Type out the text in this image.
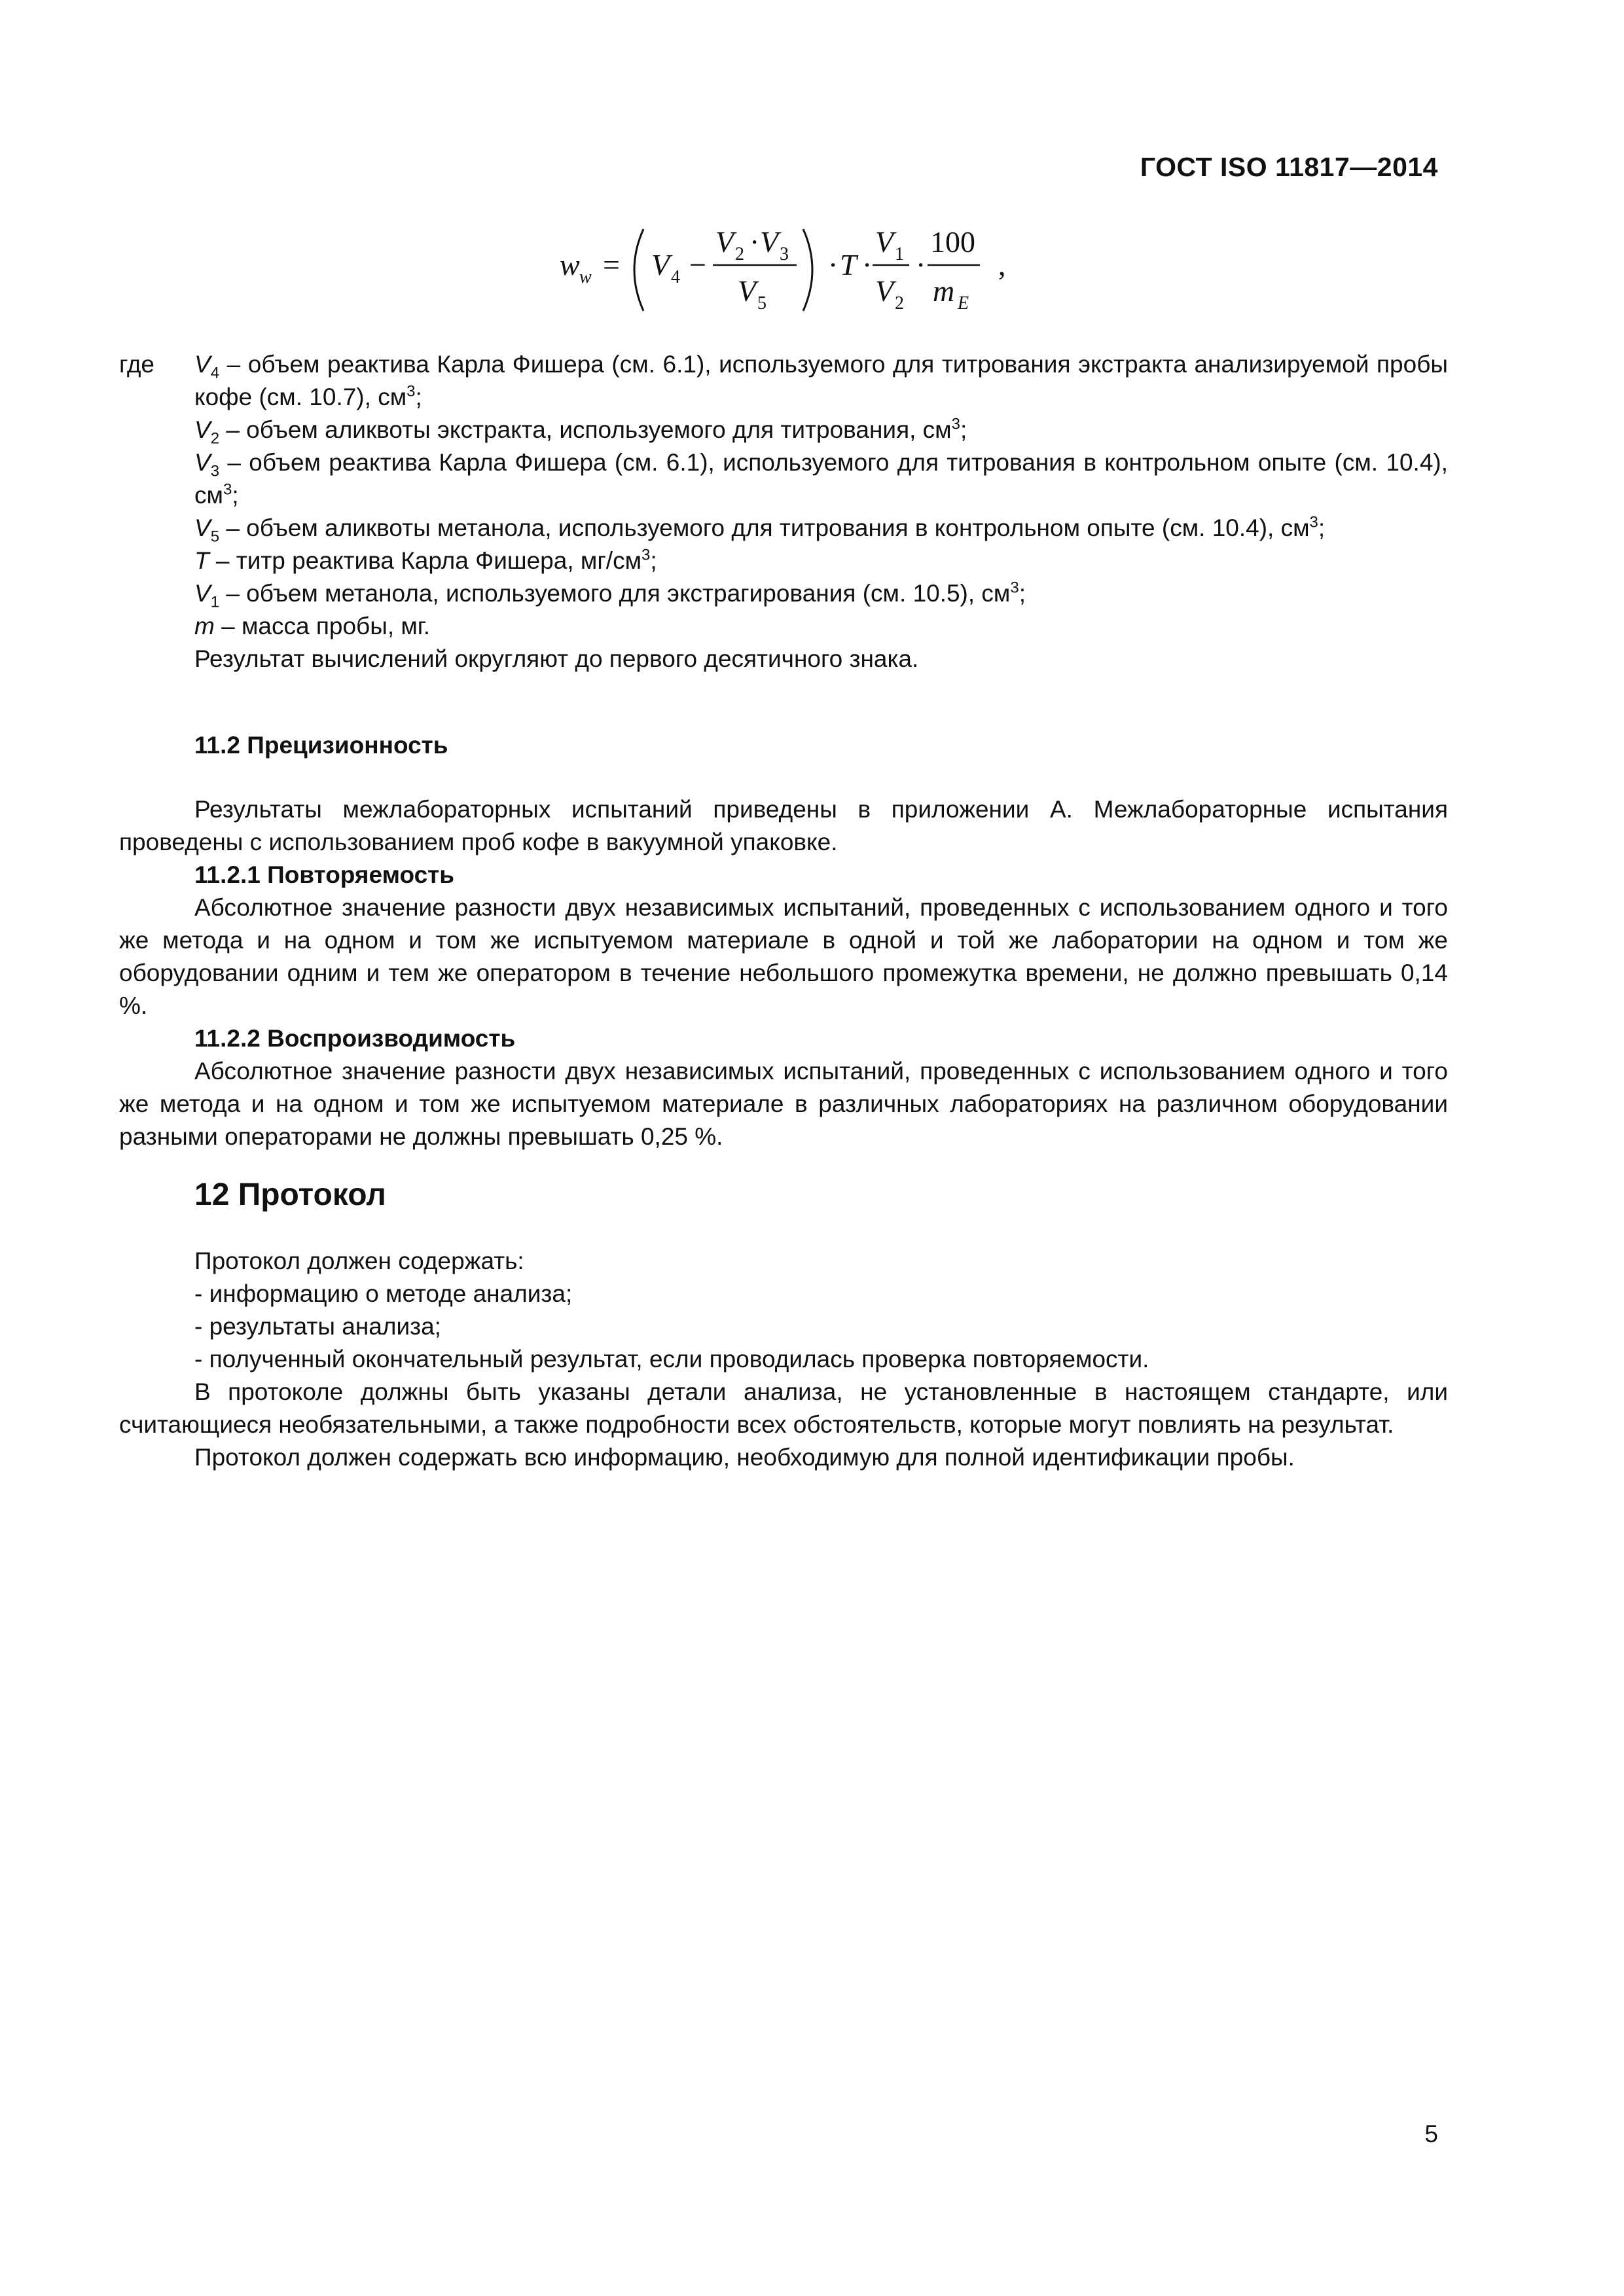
ГОСТ ISO 11817—2014
w w = V 4 −
V 2 · V 3
V 5
· T ·
V 1
V 2
·
100
m E
,
где $V_4$ – объем реактива Карла Фишера (см. 6.1), используемого для титрования экстракта анализируемой пробы кофе (см. 10.7), $см^3$;

$V_2$ – объем аликвоты экстракта, используемого для титрования, $см^3$;

$V_3$ – объем реактива Карла Фишера (см. 6.1), используемого для титрования в контрольном опыте (см. 10.4), $см^3$;

$V_5$ – объем аликвоты метанола, используемого для титрования в контрольном опыте (см. 10.4), $см^3$;

T – титр реактива Карла Фишера, $мг/см^3$;

$V_1$ – объем метанола, используемого для экстрагирования (см. 10.5), $см^3$;

m – масса пробы, мг.

Результат вычислений округляют до первого десятичного знака.

11.2 Прецизионность

Результаты межлабораторных испытаний приведены в приложении А. Межлабораторные испытания проведены с использованием проб кофе в вакуумной упаковке.

11.2.1 Повторяемость

Абсолютное значение разности двух независимых испытаний, проведенных с использованием одного и того же метода и на одном и том же испытуемом материале в одной и той же лаборатории на одном и том же оборудовании одним и тем же оператором в течение небольшого промежутка времени, не должно превышать 0,14 %.

11.2.2 Воспроизводимость

Абсолютное значение разности двух независимых испытаний, проведенных с использованием одного и того же метода и на одном и том же испытуемом материале в различных лабораториях на различном оборудовании разными операторами не должны превышать 0,25 %.

12 Протокол

Протокол должен содержать:

- информацию о методе анализа;

- результаты анализа;

- полученный окончательный результат, если проводилась проверка повторяемости.

В протоколе должны быть указаны детали анализа, не установленные в настоящем стандарте, или считающиеся необязательными, а также подробности всех обстоятельств, которые могут повлиять на результат.

Протокол должен содержать всю информацию, необходимую для полной идентификации пробы.

5
